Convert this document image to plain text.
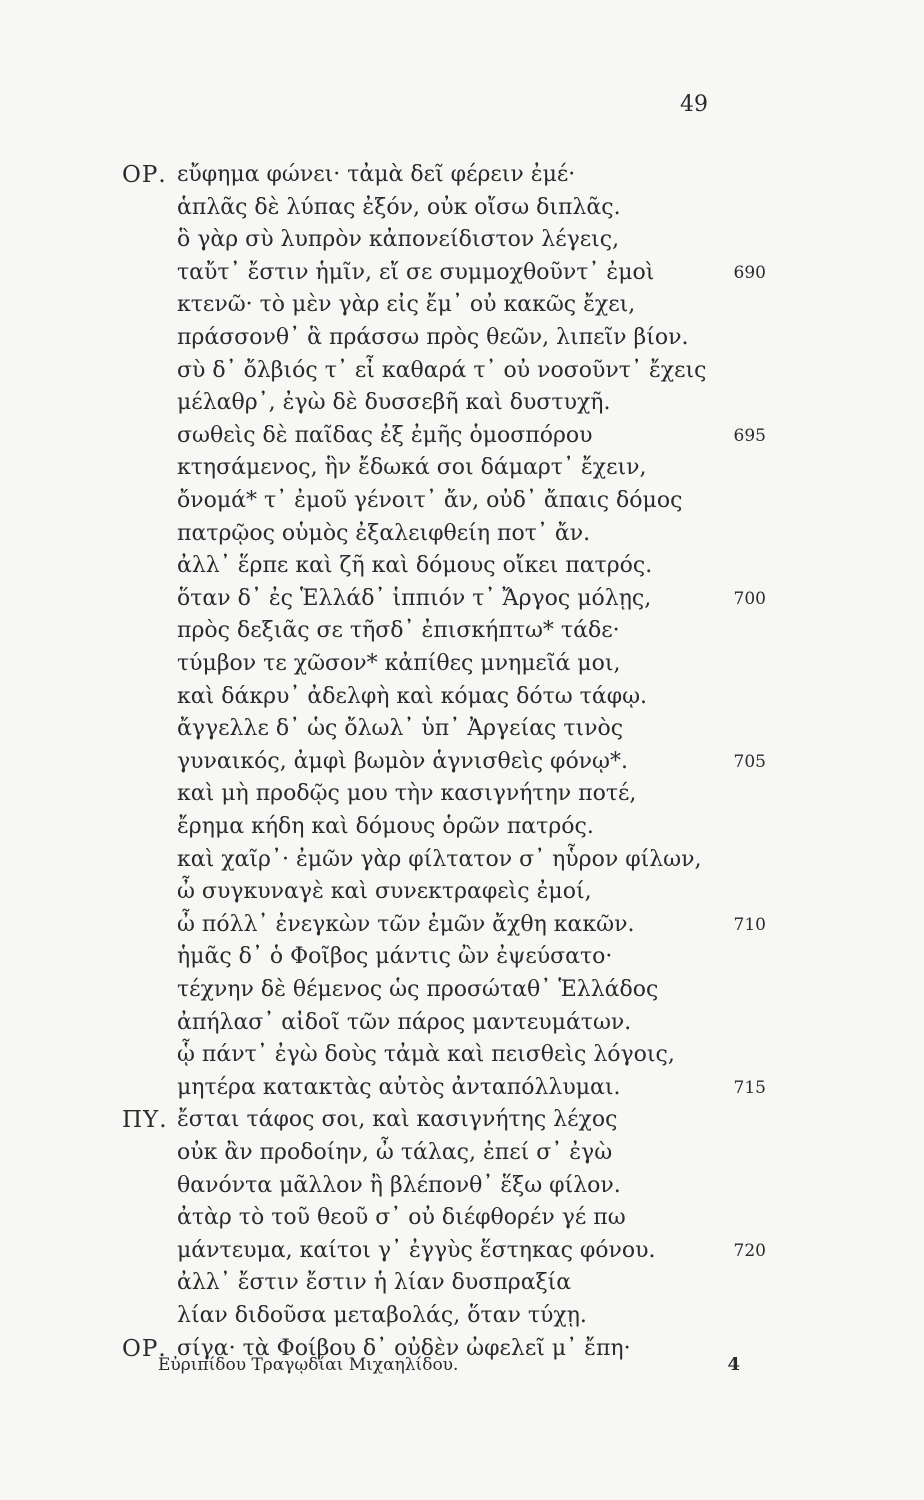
49
ΟΡ. εὔφημα φώνει· τἀμὰ δεῖ φέρειν ἐμέ·
ἁπλᾶς δὲ λύπας ἐξόν, οὐκ οἴσω διπλᾶς.
ὃ γὰρ σὺ λυπρὸν κἀπονείδιστον λέγεις,
ταὔτ᾽ ἔστιν ἡμῖν, εἴ σε συμμοχθοῦντ᾽ ἐμοὶ	690
κτενῶ· τὸ μὲν γὰρ εἰς ἔμ᾽ οὐ κακῶς ἔχει,
πράσσονθ᾽ ἃ πράσσω πρὸς θεῶν, λιπεῖν βίον.
σὺ δ᾽ ὄλβιός τ᾽ εἶ καθαρά τ᾽ οὐ νοσοῦντ᾽ ἔχεις
μέλαθρ᾽, ἐγὼ δὲ δυσσεβῆ καὶ δυστυχῆ.
σωθεὶς δὲ παῖδας ἐξ ἐμῆς ὁμοσπόρου	695
κτησάμενος, ἣν ἔδωκά σοι δάμαρτ᾽ ἔχειν,
ὄνομά* τ᾽ ἐμοῦ γένοιτ᾽ ἄν, οὐδ᾽ ἄπαις δόμος
πατρῷος οὑμὸς ἐξαλειφθείη ποτ᾽ ἄν.
ἀλλ᾽ ἕρπε καὶ ζῆ καὶ δόμους οἴκει πατρός.
ὅταν δ᾽ ἐς Ἑλλάδ᾽ ἱππιόν τ᾽ Ἄργος μόλῃς,	700
πρὸς δεξιᾶς σε τῆσδ᾽ ἐπισκήπτω* τάδε·
τύμβον τε χῶσον* κἀπίθες μνημεῖά μοι,
καὶ δάκρυ᾽ ἀδελφὴ καὶ κόμας δότω τάφῳ.
ἄγγελλε δ᾽ ὡς ὄλωλ᾽ ὑπ᾽ Ἀργείας τινὸς
γυναικός, ἀμφὶ βωμὸν ἁγνισθεὶς φόνῳ*.	705
καὶ μὴ προδῷς μου τὴν κασιγνήτην ποτέ,
ἔρημα κήδη καὶ δόμους ὁρῶν πατρός.
καὶ χαῖρ᾽· ἐμῶν γὰρ φίλτατον σ᾽ ηὗρον φίλων,
ὦ συγκυναγὲ καὶ συνεκτραφεὶς ἐμοί,
ὦ πόλλ᾽ ἐνεγκὼν τῶν ἐμῶν ἄχθη κακῶν.	710
ἡμᾶς δ᾽ ὁ Φοῖβος μάντις ὢν ἐψεύσατο·
τέχνην δὲ θέμενος ὡς προσώταθ᾽ Ἑλλάδος
ἀπήλασ᾽ αἰδοῖ τῶν πάρος μαντευμάτων.
ᾧ πάντ᾽ ἐγὼ δοὺς τἀμὰ καὶ πεισθεὶς λόγοις,
μητέρα κατακτὰς αὐτὸς ἀνταπόλλυμαι.	715
ΠΥ. ἔσται τάφος σοι, καὶ κασιγνήτης λέχος
οὐκ ἂν προδοίην, ὦ τάλας, ἐπεί σ᾽ ἐγὼ
θανόντα μᾶλλον ἢ βλέπονθ᾽ ἕξω φίλον.
ἀτὰρ τὸ τοῦ θεοῦ σ᾽ οὐ διέφθορέν γέ πω
μάντευμα, καίτοι γ᾽ ἐγγὺς ἕστηκας φόνου.	720
ἀλλ᾽ ἔστιν ἔστιν ἡ λίαν δυσπραξία
λίαν διδοῦσα μεταβολάς, ὅταν τύχῃ.
ΟΡ. σίγα· τὰ Φοίβου δ᾽ οὐδὲν ὠφελεῖ μ᾽ ἔπη·
Εὐριπίδου Τραγῳδίαι Μιχαηλίδου.	4
